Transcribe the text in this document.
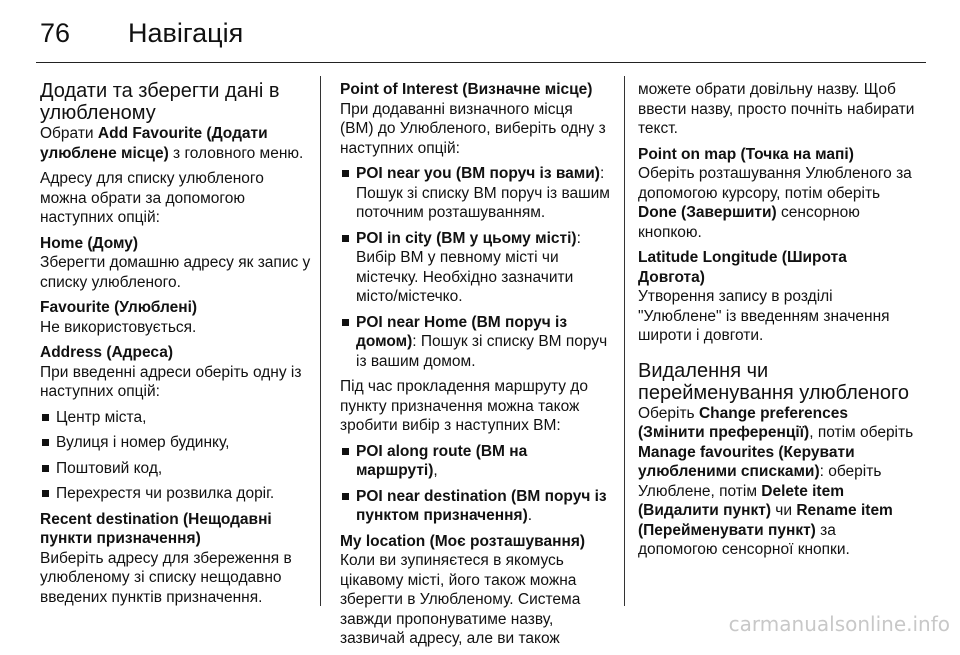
76 Навігація
Додати та зберегти дані в улюбленому

Обрати Add Favourite (Додати улюблене місце) з головного меню.

Адресу для списку улюбленого можна обрати за допомогою наступних опцій:

Home (Дому)

Зберегти домашню адресу як запис у списку улюбленого.

Favourite (Улюблені)

Не використовується.

Address (Адреса)

При введенні адреси оберіть одну із наступних опцій:

Центр міста,
Вулиця і номер будинку,
Поштовий код,
Перехрестя чи розвилка доріг.
Recent destination (Нещодавні пункти призначення)

Виберіть адресу для збереження в улюбленому зі списку нещодавно введених пунктів призначення.

Point of Interest (Визначне місце)

При додаванні визначного місця (ВМ) до Улюбленого, виберіть одну з наступних опцій:

POI near you (ВМ поруч із вами): Пошук зі списку ВМ поруч із вашим поточним розташуванням.
POI in city (ВМ у цьому місті): Вибір ВМ у певному місті чи містечку. Необхідно зазначити місто/містечко.
POI near Home (ВМ поруч із домом): Пошук зі списку ВМ поруч із вашим домом.

Під час прокладення маршруту до пункту призначення можна також зробити вибір з наступних ВМ:

POI along route (ВМ на маршруті),
POI near destination (ВМ поруч із пунктом призначення).
My location (Моє розташування)

Коли ви зупиняєтеся в якомусь цікавому місті, його також можна зберегти в Улюбленому. Система завжди пропонуватиме назву, зазвичай адресу, але ви також

можете обрати довільну назву. Щоб ввести назву, просто почніть набирати текст.

Point on map (Точка на мапі)

Оберіть розташування Улюбленого за допомогою курсору, потім оберіть Done (Завершити) сенсорною кнопкою.

Latitude Longitude (Широта Довгота)

Утворення запису в розділі "Улюблене" із введенням значення широти і довготи.

Видалення чи перейменування улюбленого

Оберіть Change preferences (Змінити преференції), потім оберіть Manage favourites (Керувати улюбленими списками): оберіть Улюблене, потім Delete item (Видалити пункт) чи Rename item (Перейменувати пункт) за допомогою сенсорної кнопки.

carmanualsonline.info
